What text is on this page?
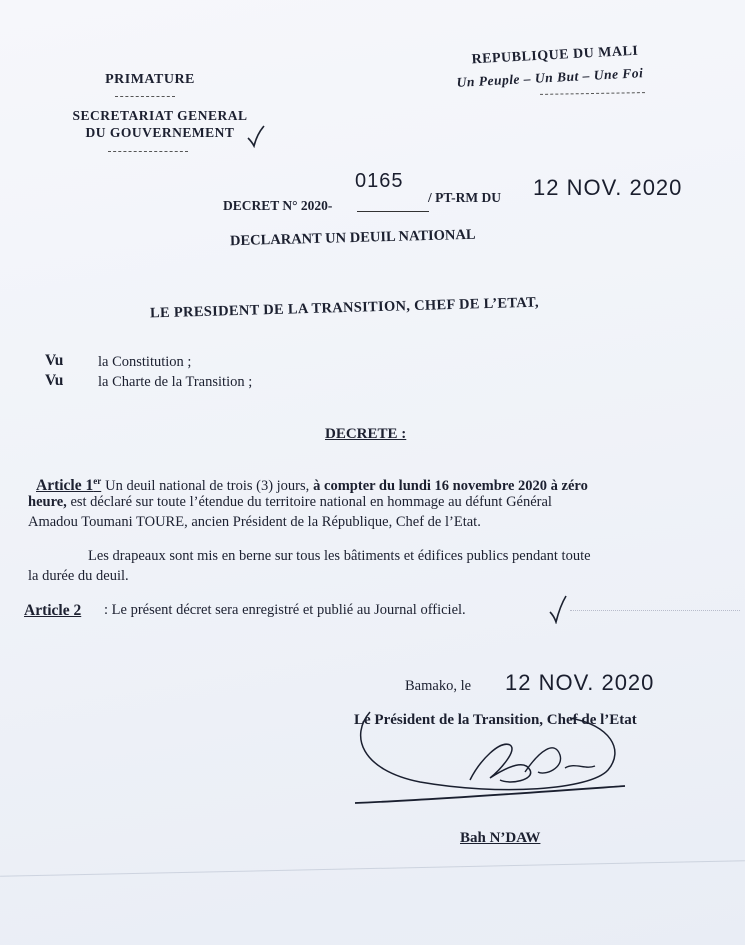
PRIMATURE
SECRETARIAT GENERAL
DU GOUVERNEMENT
REPUBLIQUE DU MALI
Un Peuple – Un But – Une Foi
DECRET N° 2020-
0165
/ PT-RM DU 12 NOV. 2020
DECLARANT UN DEUIL NATIONAL
LE PRESIDENT DE LA TRANSITION, CHEF DE L’ETAT,
Vu la Constitution ;
Vu la Charte de la Transition ;
DECRETE :
Article 1er Un deuil national de trois (3) jours, à compter du lundi 16 novembre 2020 à zéro
heure, est déclaré sur toute l’étendue du territoire national en hommage au défunt Général
Amadou Toumani TOURE, ancien Président de la République, Chef de l’Etat.
Les drapeaux sont mis en berne sur tous les bâtiments et édifices publics pendant toute
la durée du deuil.
Article 2 : Le présent décret sera enregistré et publié au Journal officiel.
Bamako, le 12 NOV. 2020
Le Président de la Transition, Chef de l’Etat
Bah N’DAW
